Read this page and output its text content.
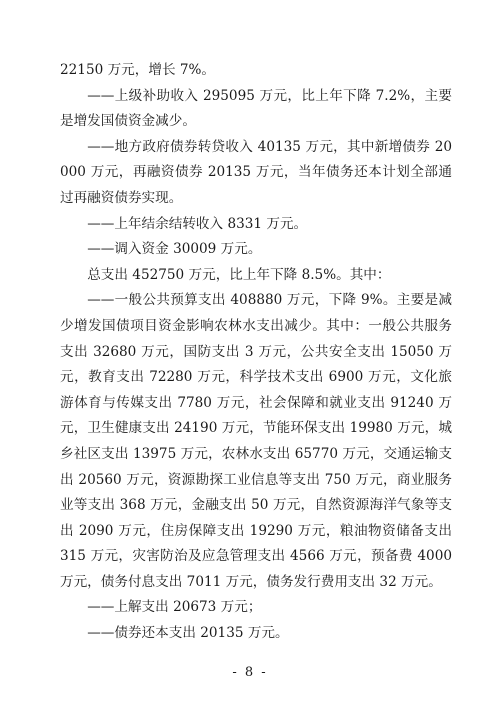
22150 万元，增长 7%。

——上级补助收入 295095 万元，比上年下降 7.2%，主要是增发国债资金减少。

——地方政府债券转贷收入 40135 万元，其中新增债券 20000 万元，再融资债券 20135 万元，当年债务还本计划全部通过再融资债券实现。

——上年结余结转收入 8331 万元。

——调入资金 30009 万元。

总支出 452750 万元，比上年下降 8.5%。其中：

——一般公共预算支出 408880 万元，下降 9%。主要是减少增发国债项目资金影响农林水支出减少。其中：一般公共服务支出 32680 万元，国防支出 3 万元，公共安全支出 15050 万元，教育支出 72280 万元，科学技术支出 6900 万元，文化旅游体育与传媒支出 7780 万元，社会保障和就业支出 91240 万元，卫生健康支出 24190 万元，节能环保支出 19980 万元，城乡社区支出 13975 万元，农林水支出 65770 万元，交通运输支出 20560 万元，资源勘探工业信息等支出 750 万元，商业服务业等支出 368 万元，金融支出 50 万元，自然资源海洋气象等支出 2090 万元，住房保障支出 19290 万元，粮油物资储备支出 315 万元，灾害防治及应急管理支出 4566 万元，预备费 4000 万元，债务付息支出 7011 万元，债务发行费用支出 32 万元。

——上解支出 20673 万元；

——债券还本支出 20135 万元。

- 8 -
